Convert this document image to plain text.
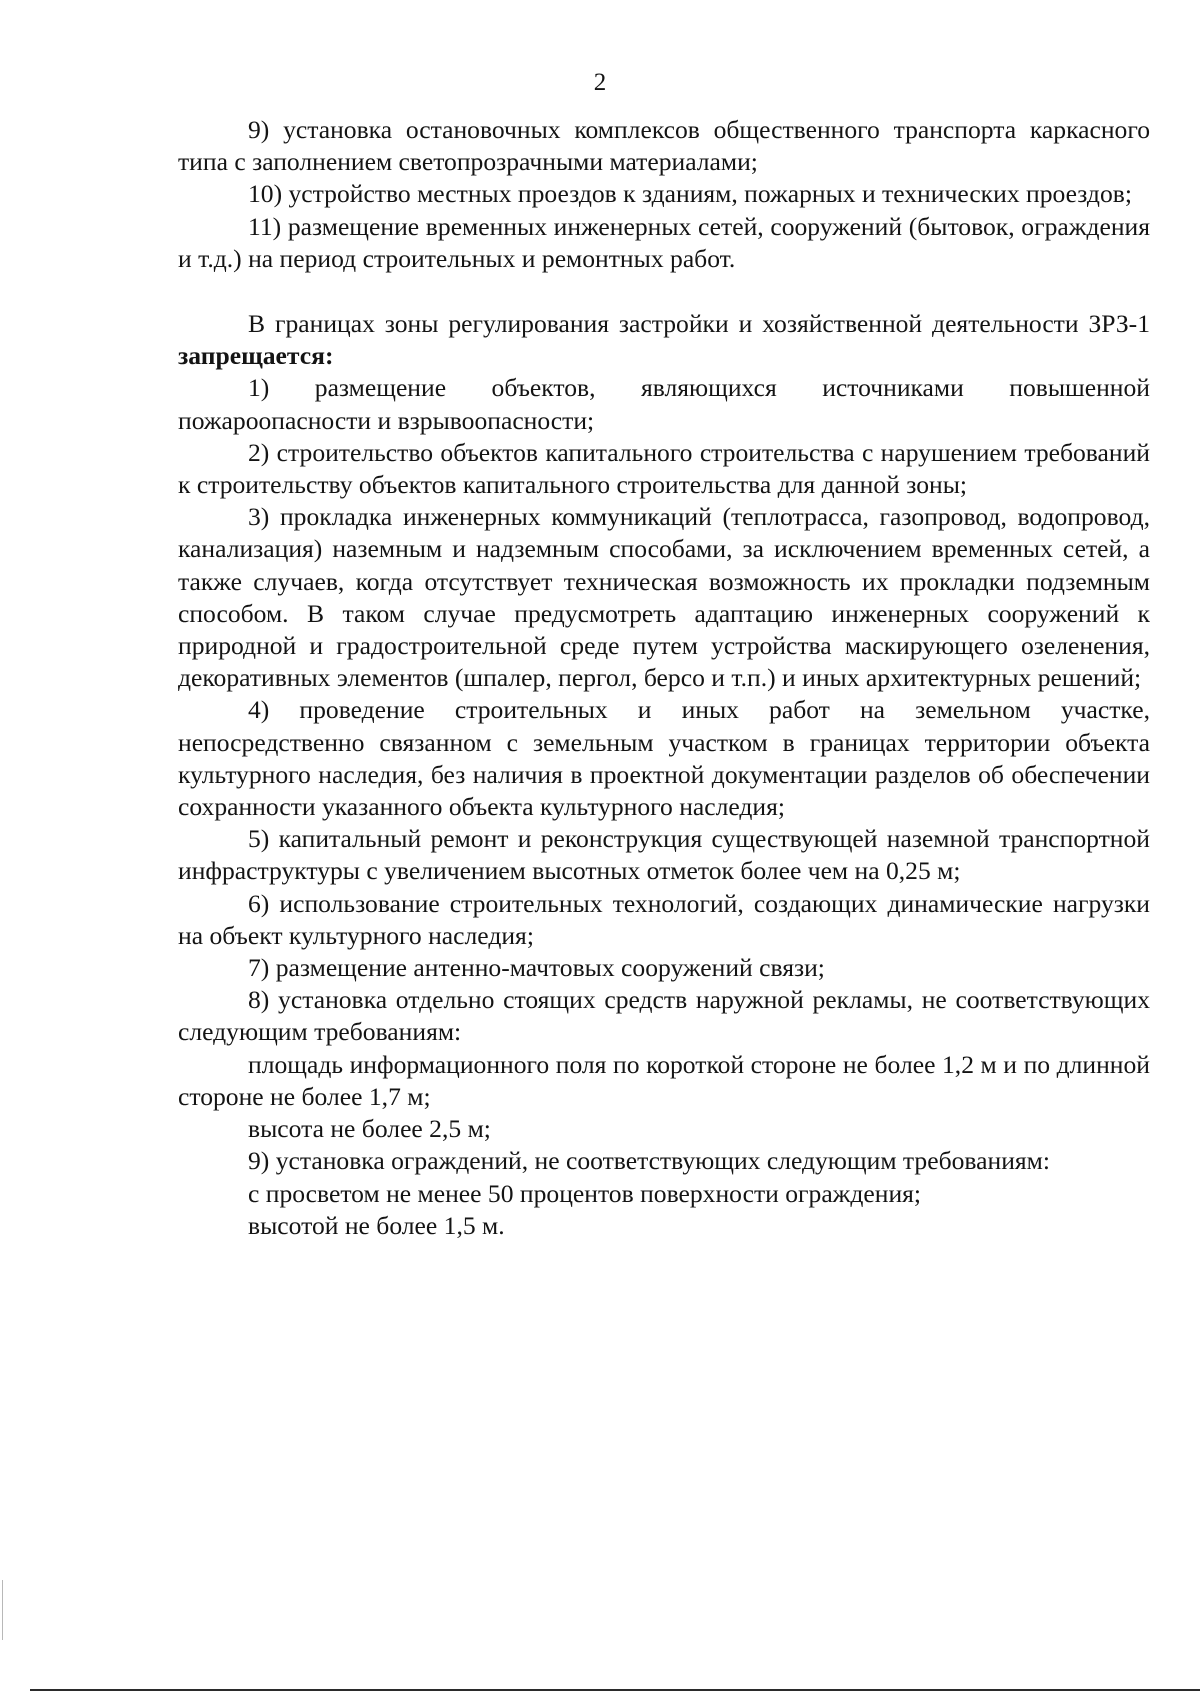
2

9) установка остановочных комплексов общественного транспорта каркасного типа с заполнением светопрозрачными материалами;

10) устройство местных проездов к зданиям, пожарных и технических проездов;

11) размещение временных инженерных сетей, сооружений (бытовок, ограждения и т.д.) на период строительных и ремонтных работ.

В границах зоны регулирования застройки и хозяйственной деятельности ЗРЗ-1 запрещается:

1) размещение объектов, являющихся источниками повышенной пожароопасности и взрывоопасности;

2) строительство объектов капитального строительства с нарушением требований к строительству объектов капитального строительства для данной зоны;

3) прокладка инженерных коммуникаций (теплотрасса, газопровод, водопровод, канализация) наземным и надземным способами, за исключением временных сетей, а также случаев, когда отсутствует техническая возможность их прокладки подземным способом. В таком случае предусмотреть адаптацию инженерных сооружений к природной и градостроительной среде путем устройства маскирующего озеленения, декоративных элементов (шпалер, пергол, берсо и т.п.) и иных архитектурных решений;

4) проведение строительных и иных работ на земельном участке, непосредственно связанном с земельным участком в границах территории объекта культурного наследия, без наличия в проектной документации разделов об обеспечении сохранности указанного объекта культурного наследия;

5) капитальный ремонт и реконструкция существующей наземной транспортной инфраструктуры с увеличением высотных отметок более чем на 0,25 м;

6) использование строительных технологий, создающих динамические нагрузки на объект культурного наследия;

7) размещение антенно-мачтовых сооружений связи;

8) установка отдельно стоящих средств наружной рекламы, не соответствующих следующим требованиям:

площадь информационного поля по короткой стороне не более 1,2 м и по длинной стороне не более 1,7 м;

высота не более 2,5 м;

9) установка ограждений, не соответствующих следующим требованиям:

с просветом не менее 50 процентов поверхности ограждения;

высотой не более 1,5 м.
